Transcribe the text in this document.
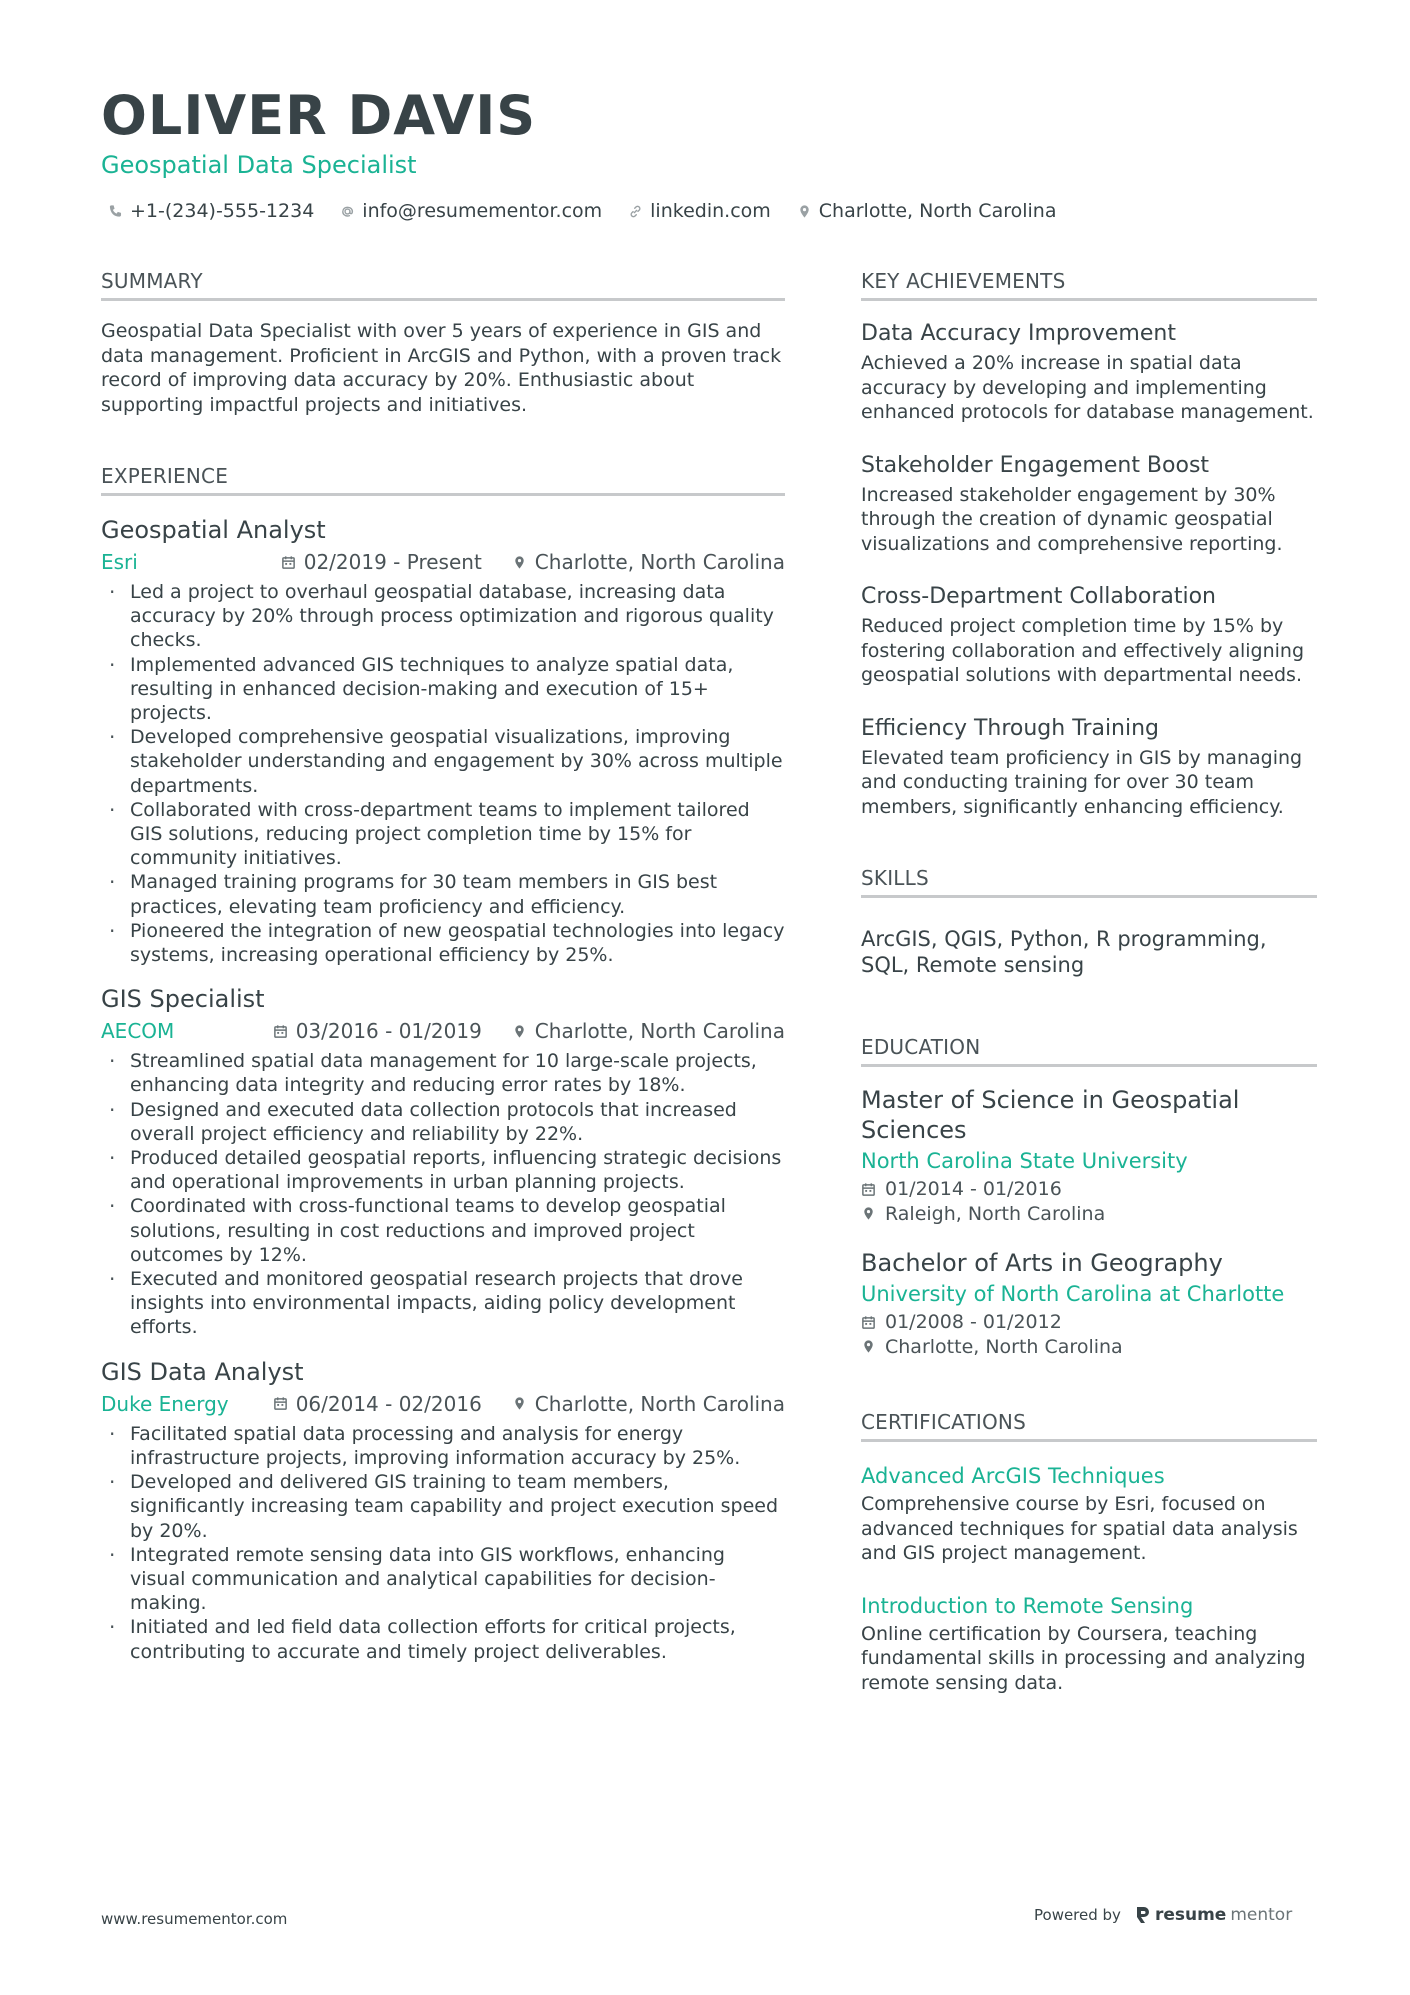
OLIVER DAVIS
Geospatial Data Specialist
+1-(234)-555-1234	info@resumementor.com	linkedin.com	Charlotte, North Carolina
SUMMARY

Geospatial Data Specialist with over 5 years of experience in GIS and data management. Proficient in ArcGIS and Python, with a proven track record of improving data accuracy by 20%. Enthusiastic about supporting impactful projects and initiatives.

EXPERIENCE
Geospatial Analyst
Esri	02/2019 - Present	Charlotte, North Carolina
· Led a project to overhaul geospatial database, increasing data accuracy by 20% through process optimization and rigorous quality checks.
· Implemented advanced GIS techniques to analyze spatial data, resulting in enhanced decision-making and execution of 15+ projects.
· Developed comprehensive geospatial visualizations, improving stakeholder understanding and engagement by 30% across multiple departments.
· Collaborated with cross-department teams to implement tailored GIS solutions, reducing project completion time by 15% for community initiatives.
· Managed training programs for 30 team members in GIS best practices, elevating team proficiency and efficiency.
· Pioneered the integration of new geospatial technologies into legacy systems, increasing operational efficiency by 25%.
GIS Specialist
AECOM	03/2016 - 01/2019	Charlotte, North Carolina
· Streamlined spatial data management for 10 large-scale projects, enhancing data integrity and reducing error rates by 18%.
· Designed and executed data collection protocols that increased overall project efficiency and reliability by 22%.
· Produced detailed geospatial reports, influencing strategic decisions and operational improvements in urban planning projects.
· Coordinated with cross-functional teams to develop geospatial solutions, resulting in cost reductions and improved project outcomes by 12%.
· Executed and monitored geospatial research projects that drove insights into environmental impacts, aiding policy development efforts.
GIS Data Analyst
Duke Energy	06/2014 - 02/2016	Charlotte, North Carolina
· Facilitated spatial data processing and analysis for energy infrastructure projects, improving information accuracy by 25%.
· Developed and delivered GIS training to team members, significantly increasing team capability and project execution speed by 20%.
· Integrated remote sensing data into GIS workflows, enhancing visual communication and analytical capabilities for decision-making.
· Initiated and led field data collection efforts for critical projects, contributing to accurate and timely project deliverables.
KEY ACHIEVEMENTS
Data Accuracy Improvement
Achieved a 20% increase in spatial data accuracy by developing and implementing enhanced protocols for database management.
Stakeholder Engagement Boost
Increased stakeholder engagement by 30% through the creation of dynamic geospatial visualizations and comprehensive reporting.
Cross-Department Collaboration
Reduced project completion time by 15% by fostering collaboration and effectively aligning geospatial solutions with departmental needs.
Efficiency Through Training
Elevated team proficiency in GIS by managing and conducting training for over 30 team members, significantly enhancing efficiency.
SKILLS
ArcGIS, QGIS, Python, R programming, SQL, Remote sensing
EDUCATION
Master of Science in Geospatial Sciences
North Carolina State University
01/2014 - 01/2016
Raleigh, North Carolina
Bachelor of Arts in Geography
University of North Carolina at Charlotte
01/2008 - 01/2012
Charlotte, North Carolina
CERTIFICATIONS
Advanced ArcGIS Techniques
Comprehensive course by Esri, focused on advanced techniques for spatial data analysis and GIS project management.
Introduction to Remote Sensing
Online certification by Coursera, teaching fundamental skills in processing and analyzing remote sensing data.
www.resumementor.com	Powered by resume mentor
